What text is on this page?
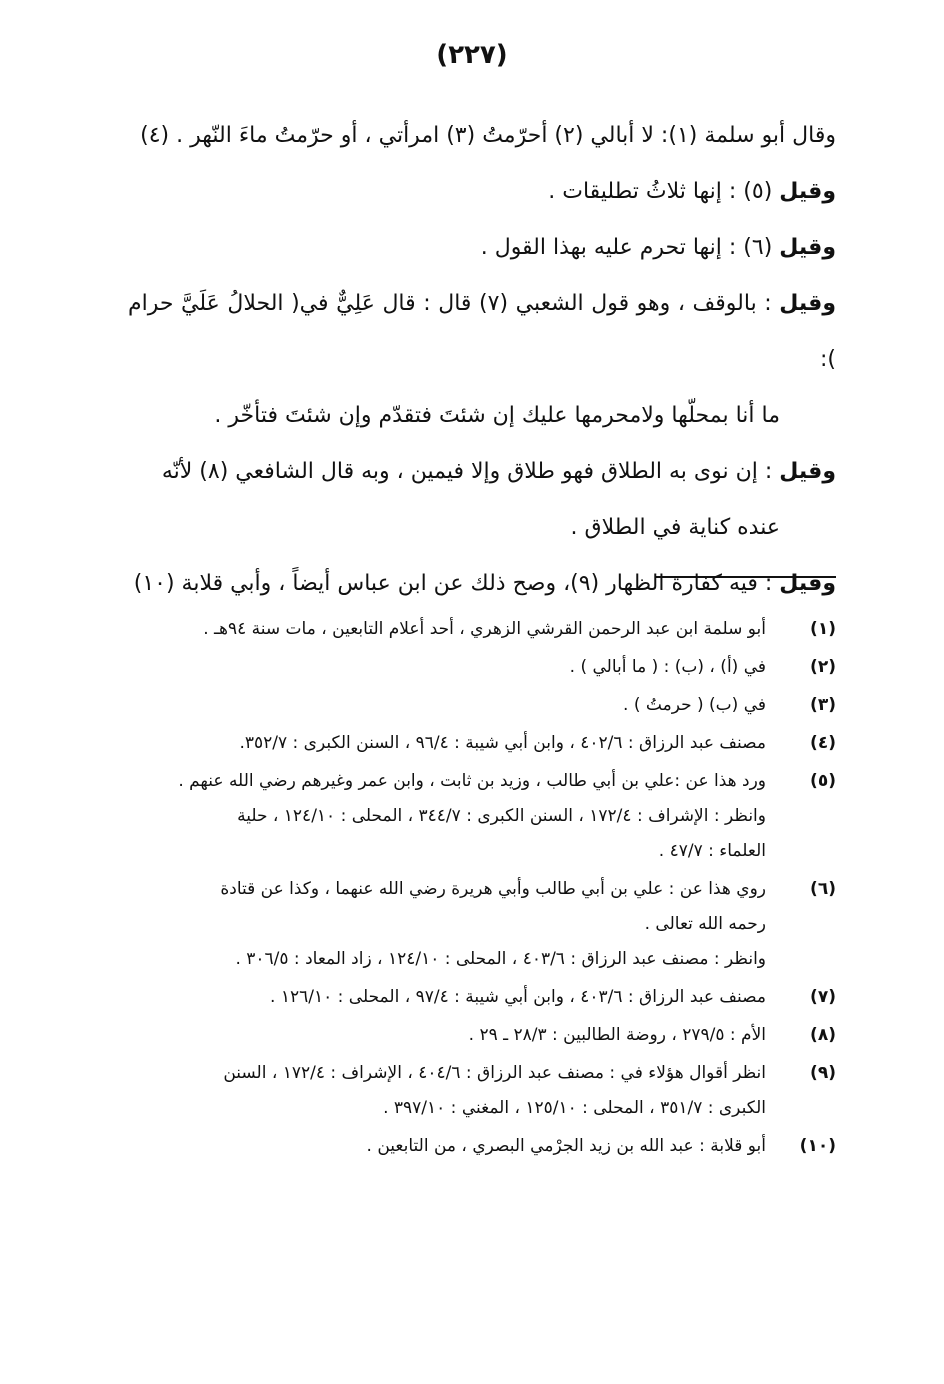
(٢٢٧)

وقال أبو سلمة (١): لا أبالي (٢) أحرّمتُ (٣) امرأتي ، أو حرّمتُ ماءَ النّهر . (٤)

وقيل (٥) : إنها ثلاثُ تطليقات .

وقيل (٦) : إنها تحرم عليه بهذا القول .

وقيل : بالوقف ، وهو قول الشعبي (٧) قال : قال عَلِيٌّ في( الحلالُ عَلَيَّ حرام ):
ما أنا بمحلّها ولامحرمها عليك إن شئتَ فتقدّم وإن شئتَ فتأخّر .

وقيل : إن نوى به الطلاق فهو طلاق وإلا فيمين ، وبه قال الشافعي (٨) لأنّه
عنده كناية في الطلاق .

وقيل : فيه كفارة الظهار (٩)، وصح ذلك عن ابن عباس أيضاً ، وأبي قلابة (١٠)

(١)
أبو سلمة ابن عبد الرحمن القرشي الزهري ، أحد أعلام التابعين ، مات سنة ٩٤هـ .
(٢)
في (أ) ، (ب) : ( ما أبالي ) .
(٣)
في (ب) ( حرمتُ ) .
(٤)
مصنف عبد الرزاق : ٤٠٢/٦ ، وابن أبي شيبة : ٩٦/٤ ، السنن الكبرى : ٣٥٢/٧.
(٥)
ورد هذا عن :علي بن أبي طالب ، وزيد بن ثابت ، وابن عمر وغيرهم رضي الله عنهم .
وانظر : الإشراف : ١٧٢/٤ ، السنن الكبرى : ٣٤٤/٧ ، المحلى : ١٢٤/١٠ ، حلية
العلماء : ٤٧/٧ .
(٦)
روي هذا عن : علي بن أبي طالب وأبي هريرة رضي الله عنهما ، وكذا عن قتادة
رحمه الله تعالى .
وانظر : مصنف عبد الرزاق : ٤٠٣/٦ ، المحلى : ١٢٤/١٠ ، زاد المعاد : ٣٠٦/٥ .
(٧)
مصنف عبد الرزاق : ٤٠٣/٦ ، وابن أبي شيبة : ٩٧/٤ ، المحلى : ١٢٦/١٠ .
(٨)
الأم : ٢٧٩/٥ ، روضة الطالبين : ٢٨/٣ ـ ٢٩ .
(٩)
انظر أقوال هؤلاء في : مصنف عبد الرزاق : ٤٠٤/٦ ، الإشراف : ١٧٢/٤ ، السنن
الكبرى : ٣٥١/٧ ، المحلى : ١٢٥/١٠ ، المغني : ٣٩٧/١٠ .
(١٠)
أبو قلابة : عبد الله بن زيد الجرْمي البصري ، من التابعين .
